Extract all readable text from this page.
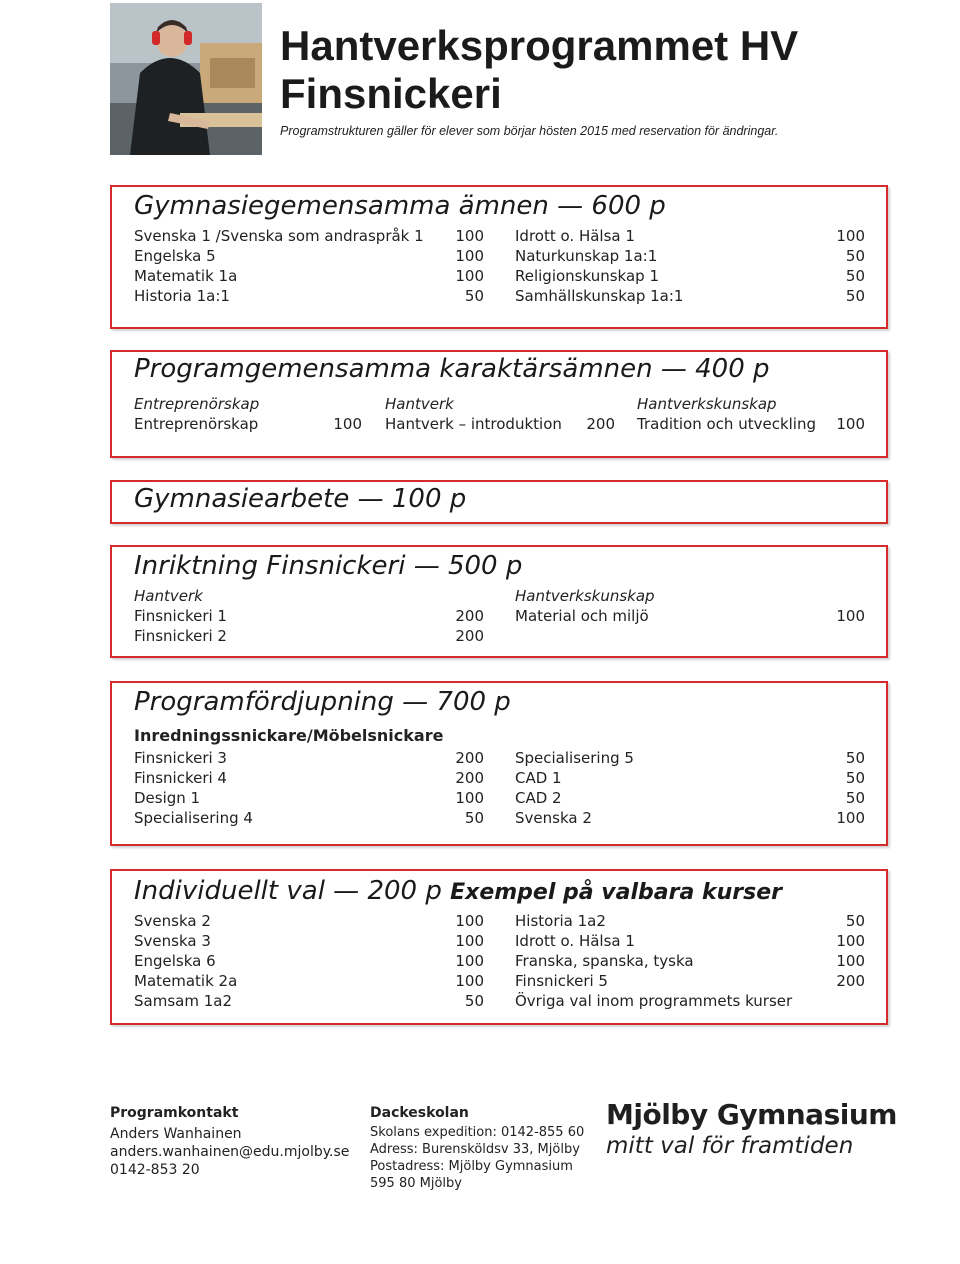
Hantverksprogrammet HV
Finsnickeri
Programstrukturen gäller för elever som börjar hösten 2015 med reservation för ändringar.
Gymnasiegemensamma ämnen — 600 p
Svenska 1 /Svenska som andraspråk 1 100
Engelska 5	100
Matematik 1a	100
Historia 1a:1	50
Idrott o. Hälsa 1	100
Naturkunskap 1a:1	50
Religionskunskap 1	50
Samhällskunskap 1a:1	50
Programgemensamma karaktärsämnen — 400 p
Entreprenörskap
Entreprenörskap	100
Hantverk
Hantverk – introduktion 200
Hantverkskunskap
Tradition och utveckling 100
Gymnasiearbete — 100 p
Inriktning Finsnickeri — 500 p
Hantverk	Hantverkskunskap
Finsnickeri 1	200
Finsnickeri 2	200
Material och miljö	100
Programfördjupning — 700 p
Inredningssnickare/Möbelsnickare
Finsnickeri 3	200
Finsnickeri 4	200
Design 1	100
Specialisering 4	50
Specialisering 5	50
CAD 1	50
CAD 2	50
Svenska 2	100
Individuellt val — 200 p Exempel på valbara kurser
Svenska 2	100
Svenska 3	100
Engelska 6	100
Matematik 2a	100
Samsam 1a2	50
Historia 1a2	50
Idrott o. Hälsa 1	100
Franska, spanska, tyska	100
Finsnickeri 5	200
Övriga val inom programmets kurser
Programkontakt
Anders Wanhainen
anders.wanhainen@edu.mjolby.se
0142-853 20
Dackeskolan
Skolans expedition: 0142-855 60
Adress: Burensköldsv 33, Mjölby
Postadress: Mjölby Gymnasium
595 80 Mjölby
Mjölby Gymnasium
mitt val för framtiden
